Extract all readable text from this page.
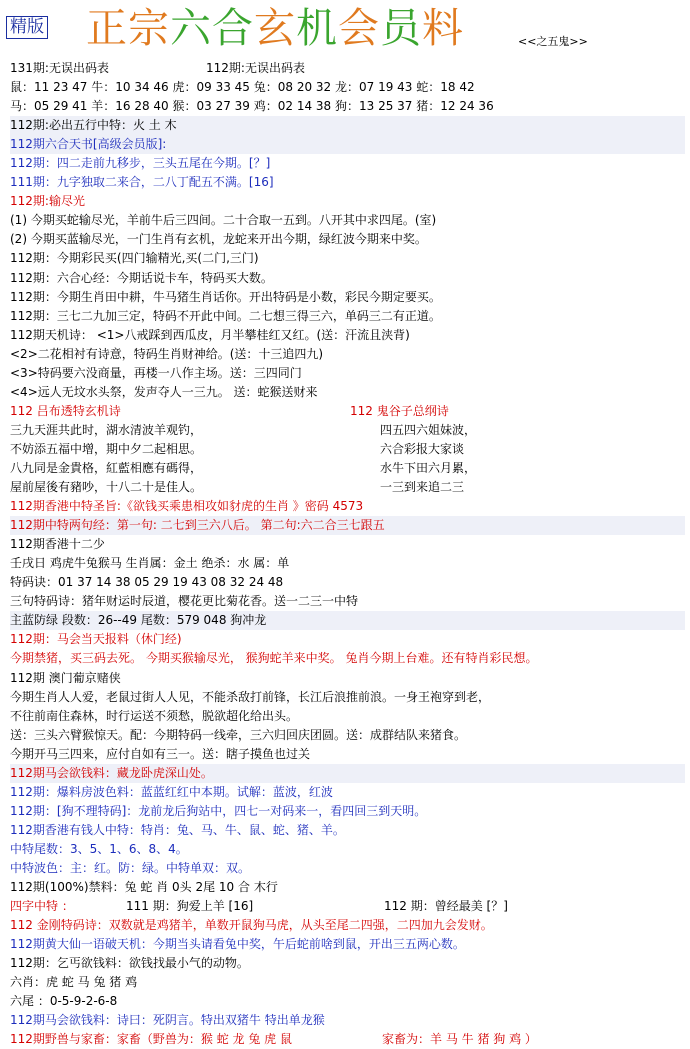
精版 正宗六合玄机会员料	<<之五鬼>>
131期:无误出码表	112期:无误出码表
鼠：11 23 47 牛：10 34 46 虎：09 33 45 兔：08 20 32 龙：07 19 43 蛇：18 42
马：05 29 41 羊：16 28 40 猴：03 27 39 鸡：02 14 38 狗：13 25 37 猪：12 24 36
112期:必出五行中特：火 土 木
112期六合天书[高级会员版]:
112期：四二走前九移步，三头五尾在今期。[？]
111期：九字独取二来合，二八丁配五不满。[16]
112期:输尽光
(1) 今期买蛇输尽光，羊前牛后三四间。二十合取一五到。八开其中求四尾。(室)
(2) 今期买蓝输尽光，一门生肖有玄机，龙蛇来开出今期，绿红波今期来中奖。
112期：今期彩民买(四门输精光,买(二门,三门)
112期：六合心经：今期话说卡车，特码买大数。
112期：今期生肖田中耕，牛马猪生肖话你。开出特码是小数，彩民今期定要买。
112期：三七二九加三定，特码不开此中间。二七想三得三六，单码三二有正道。
112期天机诗： <1>八戒踩到西瓜皮，月半攀桂红又红。(送：汗流且浃背)
<2>二花相衬有诗意，特码生肖财神给。(送：十三追四九)
<3>特码要六没商量，再楼一八作主场。送：三四同门
<4>远人无坟水头祭，发声夺人一三九。 送：蛇猴送财来
112 吕布透特玄机诗	112 鬼谷子总纲诗
三九天涯共此时，湖水清波羊观钓，	四五四六姐妹波，
不妨添五福中增，期中夕二起相思。	六合彩报大家谈
八九同是金貴格，紅藍相應有碼得，	水牛下田六月累，
屋前屋後有豬吵，十八二十是佳人。	一三到来追二三
112期香港中特圣旨:《欲钱买乘患相攻如豺虎的生肖 》密码 4573
112期中特两句经：第一句: 二七到三六八后。 第二句:六二合三七跟五
112期香港十二少
壬戌日 鸡虎牛兔猴马 生肖属：金土 绝杀：水 属：单
特码诀：01 37 14 38 05 29 19 43 08 32 24 48
三句特码诗：猪年财运时辰道，樱花更比菊花香。送一二三一中特
主蓝防绿 段数：26--49 尾数：579 048 狗冲龙
112期：马会当天报料（休门经)
今期禁猪，买三码去死。 今期买猴输尽光， 猴狗蛇羊来中奖。 兔肖今期上台难。还有特肖彩民想。
112期 澳门葡京赌侠
今期生肖人人爱，老鼠过街人人见，不能杀敌打前锋，长江后浪推前浪。一身王袍穿到老，
不往前南住森林，时行运送不须愁，脱欲超化给出头。
送：三头六臂猴惊天。配：今期特码一线牵，三六归回庆团圆。送：成群结队来猪食。
今期开马三四来，应付自如有三一。送：瞎子摸鱼也过关
112期马会欲钱料：藏龙卧虎深山处。
112期：爆料房波色料：蓝蓝红红中本期。试解：蓝波，红波
112期：[狗不理特码]：龙前龙后狗站中，四七一对码来一，看四回三到天明。
112期香港有钱人中特：特肖：兔、马、牛、鼠、蛇、猪、羊。
中特尾数：3、5、1、6、8、4。
中特波色：主：红。防：绿。中特单双：双。
112期(100%)禁料：兔 蛇 肖 0头 2尾 10 合 木行
四字中特 ：	111 期：狗爱上羊 [16]	112 期：曾经最美 [？]
112 金刚特码诗：双数就是鸡猪羊，单数开鼠狗马虎，从头至尾二四强，二四加九会发财。
112期黄大仙一语破天机：今期当头请看兔中奖，午后蛇前啥到鼠，开出三五两心数。
112期：乞丐欲钱料：欲钱找最小气的动物。
六肖：虎 蛇 马 兔 猪 鸡
六尾 ：0-5-9-2-6-8
112期马会欲钱料：诗曰：死阴言。特出双猪牛 特出单龙猴
112期野兽与家畜：家畜（野兽为：猴 蛇 龙 兔 虎 鼠	家畜为：羊 马 牛 猪 狗 鸡 ）
